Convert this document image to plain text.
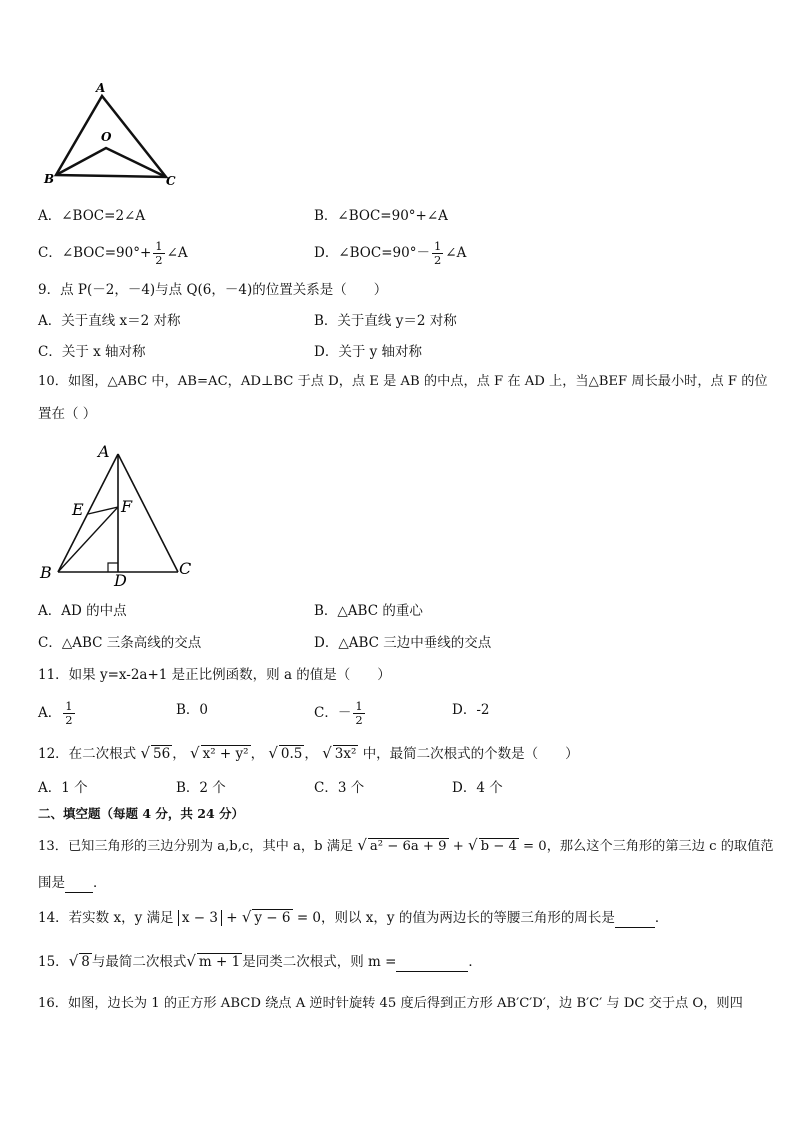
A
O
B	C
A．∠BOC=2∠A	B．∠BOC=90°+∠A
C．∠BOC=90°+ $\frac{1}{2}$ ∠A	D．∠BOC=90°－ $\frac{1}{2}$ ∠A
9．点 P(－2，－4)与点 Q(6，－4)的位置关系是（　　）
A．关于直线 x＝2 对称	B．关于直线 y＝2 对称
C．关于 x 轴对称	D．关于 y 轴对称
10．如图，△ABC 中，AB=AC，AD⊥BC 于点 D，点 E 是 AB 的中点，点 F 在 AD 上，当△BEF 周长最小时，点 F 的位
置在（ ）
A
E F
B	D
C
A．AD 的中点	B．△ABC 的重心
C．△ABC 三条高线的交点	D．△ABC 三边中垂线的交点
11．如果 y=x-2a+1 是正比例函数，则 a 的值是（　　）
A． $\frac{1}{2}$	B．0	C．－ $\frac{1}{2}$	D．-2
12．在二次根式 √ 56 ， √ x² + y² ， √ 0.5 ， √ 3x² 中，最简二次根式的个数是（　　）
A．1 个	B．2 个	C．3 个	D．4 个
二、填空题（每题 4 分，共 24 分）
13．已知三角形的三边分别为 a,b,c，其中 a，b 满足 √ a² − 6a + 9 + √ b − 4 = 0，那么这个三角形的第三边 c 的取值范
围是 ．
14．若实数 x，y 满足 x − 3 + √ y − 6 = 0，则以 x，y 的值为两边长的等腰三角形的周长是	．
15．√ 8 与最简二次根式√ m + 1 是同类二次根式，则 m =	．
16．如图，边长为 1 的正方形 ABCD 绕点 A 逆时针旋转 45 度后得到正方形 AB′C′D′，边 B′C′ 与 DC 交于点 O，则四
